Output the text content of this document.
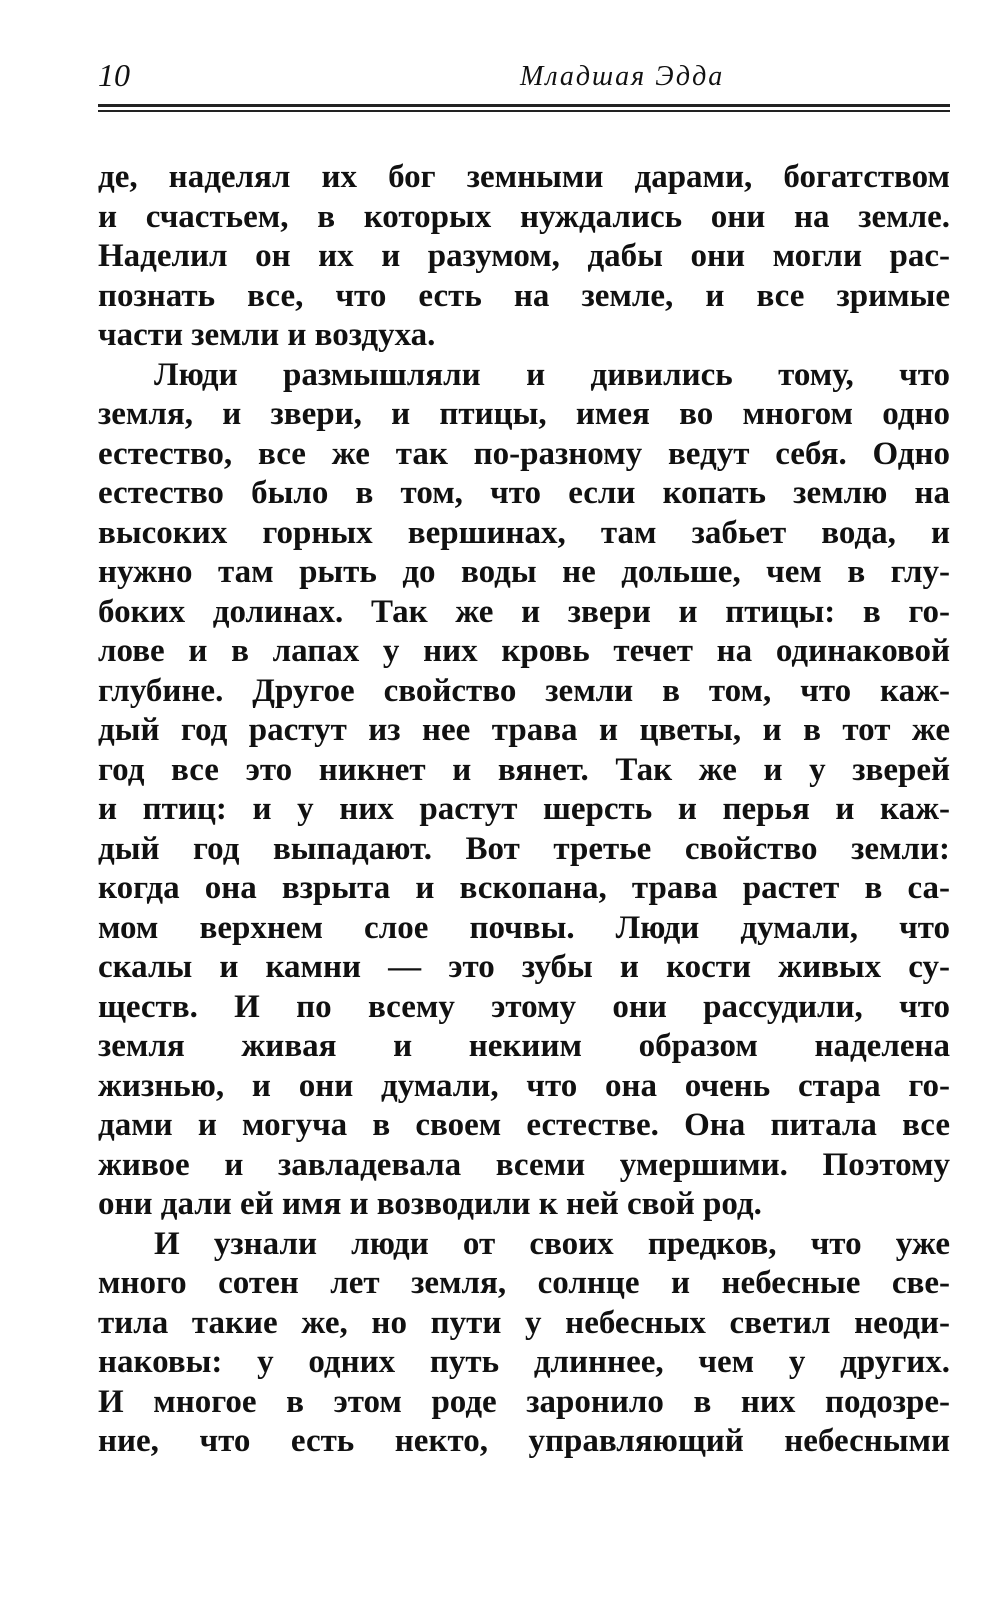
10	Младшая Эдда
де, наделял их бог земными дарами, богатством
и счастьем, в которых нуждались они на земле.
Наделил он их и разумом, дабы они могли рас-
познать все, что есть на земле, и все зримые
части земли и воздуха.
Люди размышляли и дивились тому, что
земля, и звери, и птицы, имея во многом одно
естество, все же так по-разному ведут себя. Одно
естество было в том, что если копать землю на
высоких горных вершинах, там забьет вода, и
нужно там рыть до воды не дольше, чем в глу-
боких долинах. Так же и звери и птицы: в го-
лове и в лапах у них кровь течет на одинаковой
глубине. Другое свойство земли в том, что каж-
дый год растут из нее трава и цветы, и в тот же
год все это никнет и вянет. Так же и у зверей
и птиц: и у них растут шерсть и перья и каж-
дый год выпадают. Вот третье свойство земли:
когда она взрыта и вскопана, трава растет в са-
мом верхнем слое почвы. Люди думали, что
скалы и камни — это зубы и кости живых су-
ществ. И по всему этому они рассудили, что
земля живая и некиим образом наделена
жизнью, и они думали, что она очень стара го-
дами и могуча в своем естестве. Она питала все
живое и завладевала всеми умершими. Поэтому
они дали ей имя и возводили к ней свой род.
И узнали люди от своих предков, что уже
много сотен лет земля, солнце и небесные све-
тила такие же, но пути у небесных светил неоди-
наковы: у одних путь длиннее, чем у других.
И многое в этом роде заронило в них подозре-
ние, что есть некто, управляющий небесными
